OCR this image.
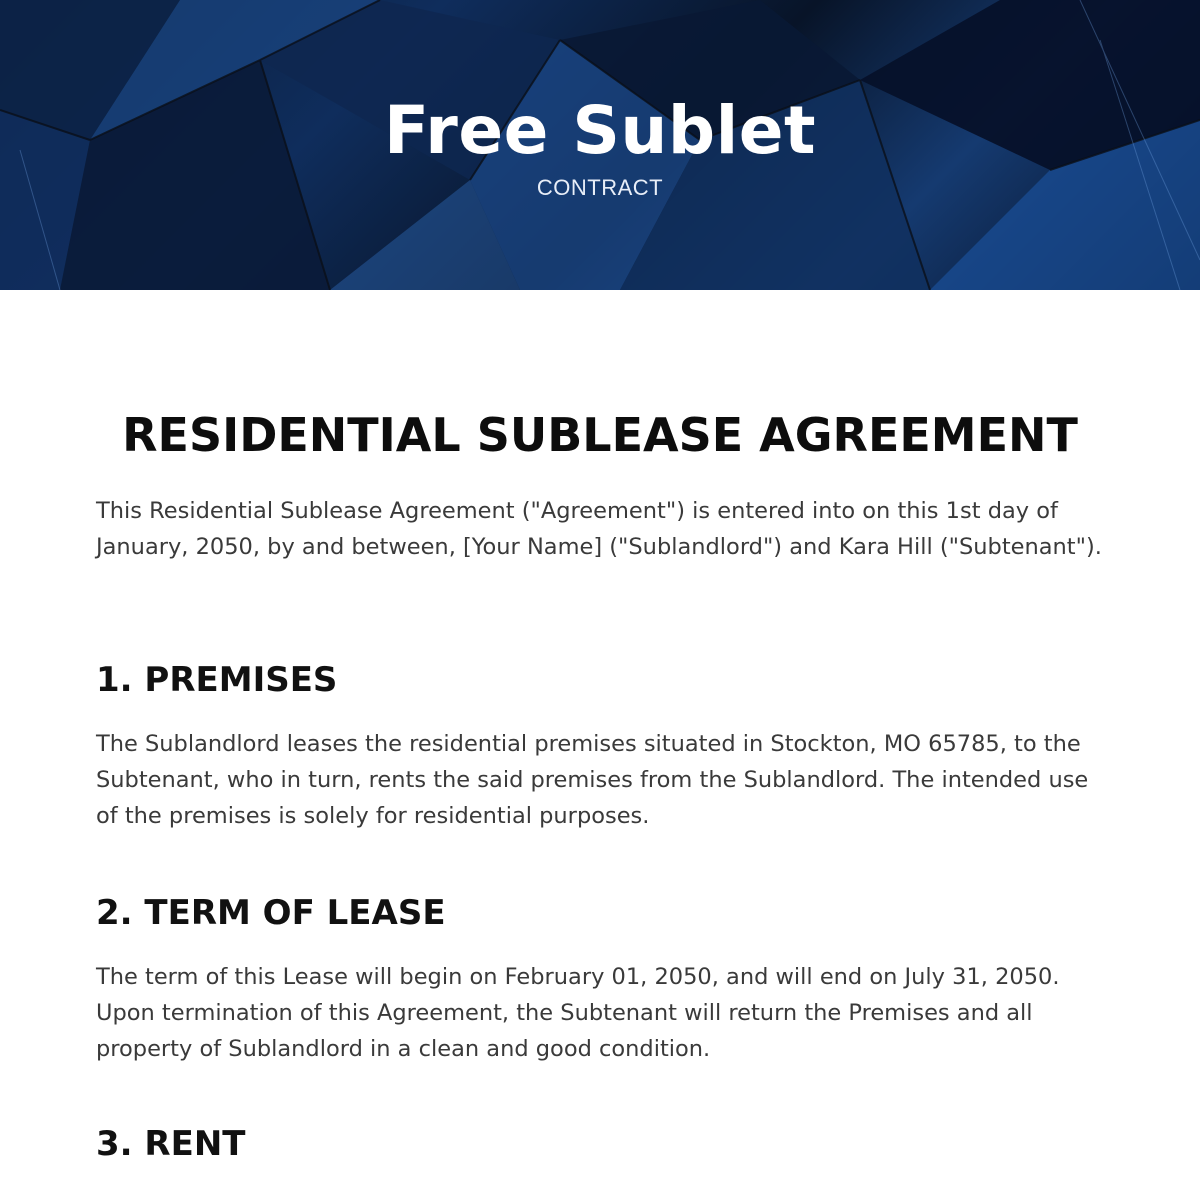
Free Sublet
CONTRACT
RESIDENTIAL SUBLEASE AGREEMENT

This Residential Sublease Agreement ("Agreement") is entered into on this 1st day of January, 2050, by and between, [Your Name] ("Sublandlord") and Kara Hill ("Subtenant").

1. PREMISES

The Sublandlord leases the residential premises situated in Stockton, MO 65785, to the Subtenant, who in turn, rents the said premises from the Sublandlord. The intended use of the premises is solely for residential purposes.

2. TERM OF LEASE

The term of this Lease will begin on February 01, 2050, and will end on July 31, 2050. Upon termination of this Agreement, the Subtenant will return the Premises and all property of Sublandlord in a clean and good condition.

3. RENT
